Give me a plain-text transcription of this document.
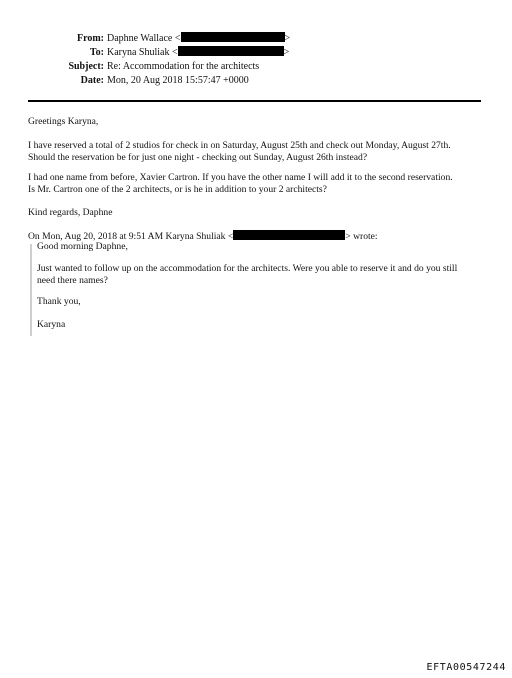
From: Daphne Wallace <	>
To: Karyna Shuliak <	>
Subject: Re: Accommodation for the architects
Date: Mon, 20 Aug 2018 15:57:47 +0000
Greetings Karyna,
I have reserved a total of 2 studios for check in on Saturday, August 25th and check out Monday, August 27th.
Should the reservation be for just one night - checking out Sunday, August 26th instead?
I had one name from before, Xavier Cartron. If you have the other name I will add it to the second reservation.
Is Mr. Cartron one of the 2 architects, or is he in addition to your 2 architects?
Kind regards, Daphne
On Mon, Aug 20, 2018 at 9:51 AM Karyna Shuliak <	> wrote:
Good morning Daphne,
Just wanted to follow up on the accommodation for the architects. Were you able to reserve it and do you still
need there names?
Thank you,
Karyna
EFTA00547244
